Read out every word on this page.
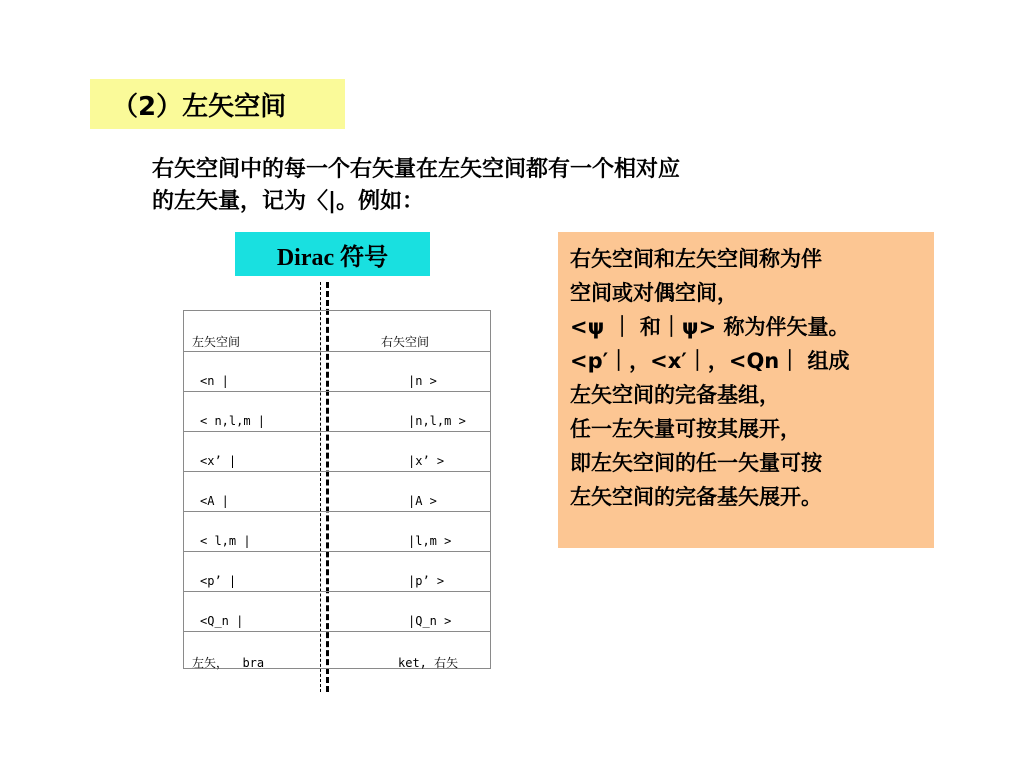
（2）左矢空间
右矢空间中的每一个右矢量在左矢空间都有一个相对应
的左矢量，记为〈|。例如：
Dirac 符号
左矢空间	右矢空间
<n |	|n >
< n,l,m |	|n,l,m >
<x’ |	|x’ >
<A |	|A >
< l,m |	|l,m >
<p’ |	|p’ >
<Q_n |	|Q_n >
左矢，  bra	ket, 右矢
右矢空间和左矢空间称为伴
空间或对偶空间，
<ψ ｜ 和｜ψ> 称为伴矢量。
<p′｜，<x′｜，<Qn｜ 组成
左矢空间的完备基组，
任一左矢量可按其展开，
即左矢空间的任一矢量可按
左矢空间的完备基矢展开。
